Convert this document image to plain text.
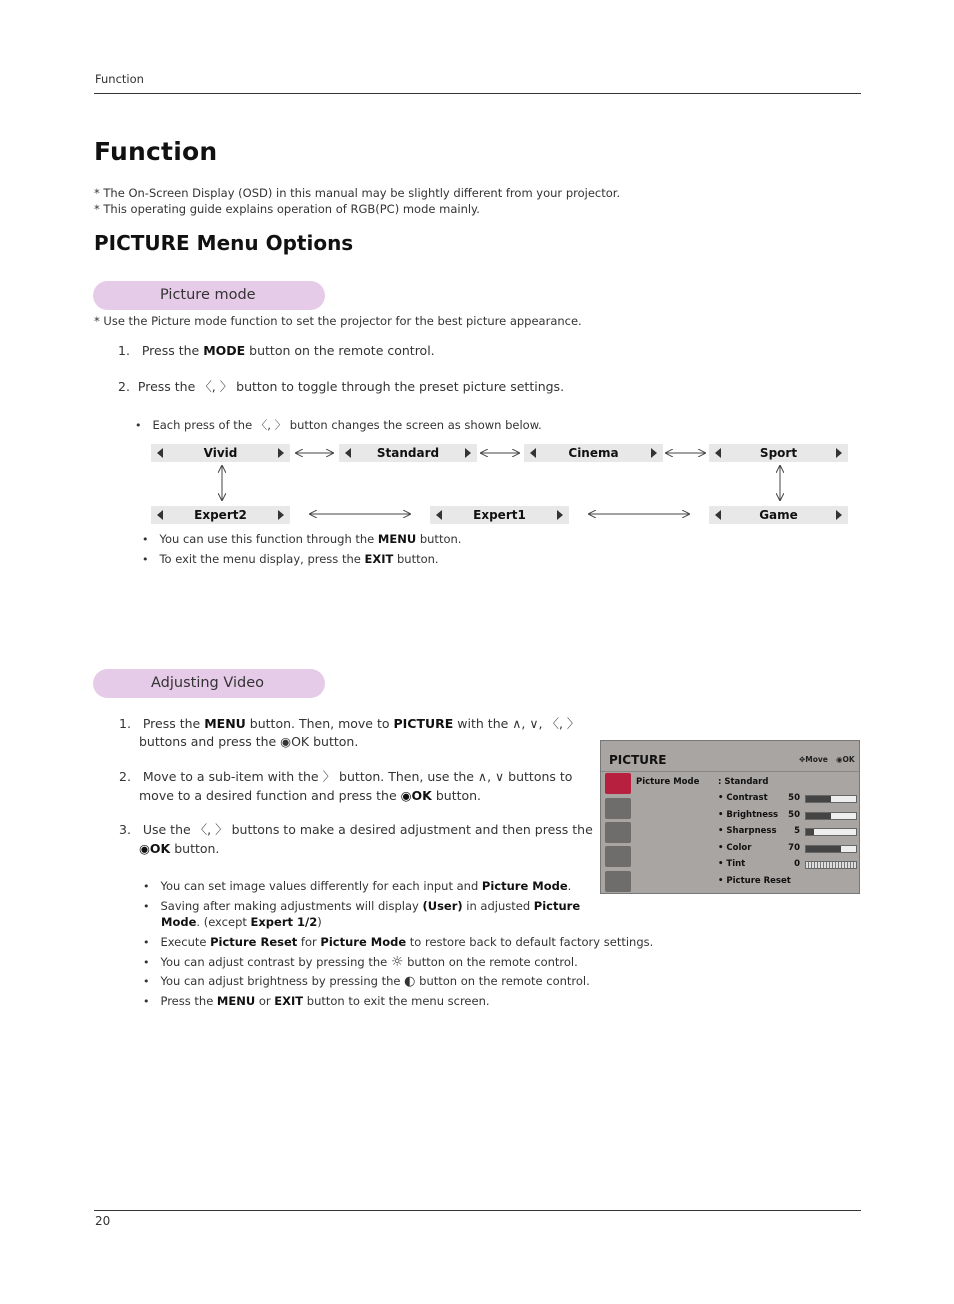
Function
Function
* The On-Screen Display (OSD) in this manual may be slightly different from your projector.
* This operating guide explains operation of RGB(PC) mode mainly.
PICTURE Menu Options
Picture mode
* Use the Picture mode function to set the projector for the best picture appearance.
1. Press the MODE button on the remote control.
2. Press the 〈, 〉 button to toggle through the preset picture settings.
• Each press of the 〈, 〉 button changes the screen as shown below.
Vivid	Standard	Cinema	Sport
Expert2	Expert1	Game
• You can use this function through the MENU button.
• To exit the menu display, press the EXIT button.
Adjusting Video
1. Press the MENU button. Then, move to PICTURE with the ∧, ∨, 〈, 〉
buttons and press the ◉OK button.
2. Move to a sub-item with the 〉 button. Then, use the ∧, ∨ buttons to
move to a desired function and press the ◉OK button.
3. Use the 〈, 〉 buttons to make a desired adjustment and then press the
◉OK button.
• You can set image values differently for each input and Picture Mode.
• Saving after making adjustments will display (User) in adjusted Picture
Mode. (except Expert 1/2)
• Execute Picture Reset for Picture Mode to restore back to default factory settings.
• You can adjust contrast by pressing the ☼ button on the remote control.
• You can adjust brightness by pressing the ◐ button on the remote control.
• Press the MENU or EXIT button to exit the menu screen.
PICTURE	✥Move ◉OK
Picture Mode : Standard
• Contrast	50
• Brightness	50
• Sharpness	5
• Color	70
• Tint	0
• Picture Reset
20
